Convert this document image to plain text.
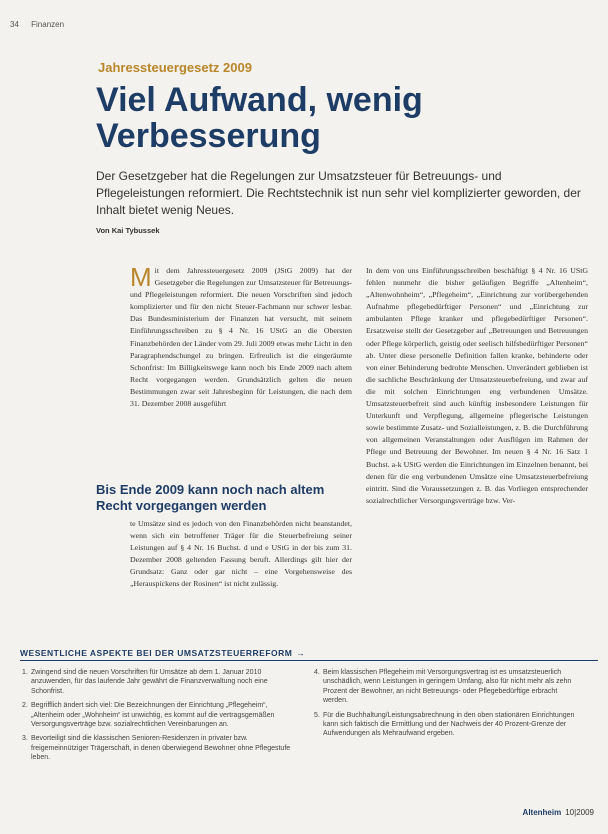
34 Finanzen
Jahressteuergesetz 2009
Viel Aufwand, wenig Verbesserung

Der Gesetzgeber hat die Regelungen zur Umsatzsteuer für Betreuungs- und Pflegeleistungen reformiert. Die Rechtstechnik ist nun sehr viel komplizierter geworden, der Inhalt bietet wenig Neues.

Von Kai Tybussek
M it dem Jahressteuergesetz 2009 (JStG 2009) hat der Gesetzgeber die Regelungen zur Umsatzsteuer für Betreuungs- und Pflegeleistungen reformiert. Die neuen Vorschriften sind jedoch komplizierter und für den nicht Steuer-Fachmann nur schwer lesbar. Das Bundesministerium der Finanzen hat versucht, mit seinem Einführungsschreiben zu § 4 Nr. 16 UStG an die Obersten Finanzbehörden der Länder vom 29. Juli 2009 etwas mehr Licht in den Paragraphendschungel zu bringen. Erfreulich ist die eingeräumte Schonfrist: Im Billigkeitswege kann noch bis Ende 2009 nach altem Recht vorgegangen werden. Grundsätzlich gelten die neuen Bestimmungen zwar seit Jahresbeginn für Leistungen, die nach dem 31. Dezember 2008 ausgeführt
Bis Ende 2009 kann noch nach altem Recht vorgegangen werden
te Umsätze sind es jedoch von den Finanzbehörden nicht beanstandet, wenn sich ein betroffener Träger für die Steuerbefreiung seiner Leistungen auf § 4 Nr. 16 Buchst. d und e UStG in der bis zum 31. Dezember 2008 geltenden Fassung beruft. Allerdings gilt hier der Grundsatz: Ganz oder gar nicht – eine Vorgehensweise des „Herauspickens der Rosinen“ ist nicht zulässig.
In dem von uns Einführungsschreiben beschäftigt § 4 Nr. 16 UStG fehlen nunmehr die bisher geläufigen Begriffe „Altenheim“, „Altenwohnheim“, „Pflegeheim“, „Einrichtung zur vorübergehenden Aufnahme pflegebedürftiger Personen“ und „Einrichtung zur ambulanten Pflege kranker und pflegebedürftiger Personen“. Ersatzweise stellt der Gesetzgeber auf „Betreuungen und Betreuungen oder Pflege körperlich, geistig oder seelisch hilfsbedürftiger Personen“ ab. Unter diese personelle Definition fallen kranke, behinderte oder von einer Behinderung bedrohte Menschen. Unverändert geblieben ist die sachliche Beschränkung der Umsatzsteuerbefreiung, und zwar auf die mit solchen Einrichtungen eng verbundenen Umsätze. Umsatzsteuerbefreit sind auch künftig insbesondere Leistungen für Unterkunft und Verpflegung, allgemeine pflegerische Leistungen sowie bestimmte Zusatz- und Sozialleistungen, z. B. die Durchführung von allgemeinen Veranstaltungen oder Ausflügen im Rahmen der Pflege und Betreuung der Bewohner. Im neuen § 4 Nr. 16 Satz 1 Buchst. a-k UStG werden die Einrichtungen im Einzelnen benannt, bei denen für die eng verbundenen Umsätze eine Umsatzsteuerbefreiung eintritt. Sind die Voraussetzungen z. B. das Vorliegen entsprechender sozialrechtlicher Versorgungsverträge bzw. Ver-
WESENTLICHE ASPEKTE BEI DER UMSATZSTEUERREFORM →
1. Zwingend sind die neuen Vorschriften für Umsätze ab dem 1. Januar 2010 anzuwenden, für das laufende Jahr gewährt die Finanzverwaltung noch eine Schonfrist.
2. Begrifflich ändert sich viel: Die Bezeichnungen der Einrichtung „Pflegeheim“, „Altenheim oder „Wohnheim“ ist unwichtig, es kommt auf die vertragsgemäßen Versorgungsverträge bzw. sozialrechtlichen Vereinbarungen an.
3. Bevorteiligt sind die klassischen Senioren-Residenzen in privater bzw. freigemeinnütziger Trägerschaft, in denen überwiegend Bewohner ohne Pflegestufe leben.
4. Beim klassischen Pflegeheim mit Versorgungsvertrag ist es umsatzsteuerlich unschädlich, wenn Leistungen in geringem Umfang, also für nicht mehr als zehn Prozent der Bewohner, an nicht Betreuungs- oder Pflegebedürftige erbracht werden.
5. Für die Buchhaltung/Leistungsabrechnung in den oben stationären Einrichtungen kann sich faktisch die Ermittlung und der Nachweis der 40 Prozent-Grenze der Aufwendungen als Mehraufwand ergeben.
Altenheim 10|2009
